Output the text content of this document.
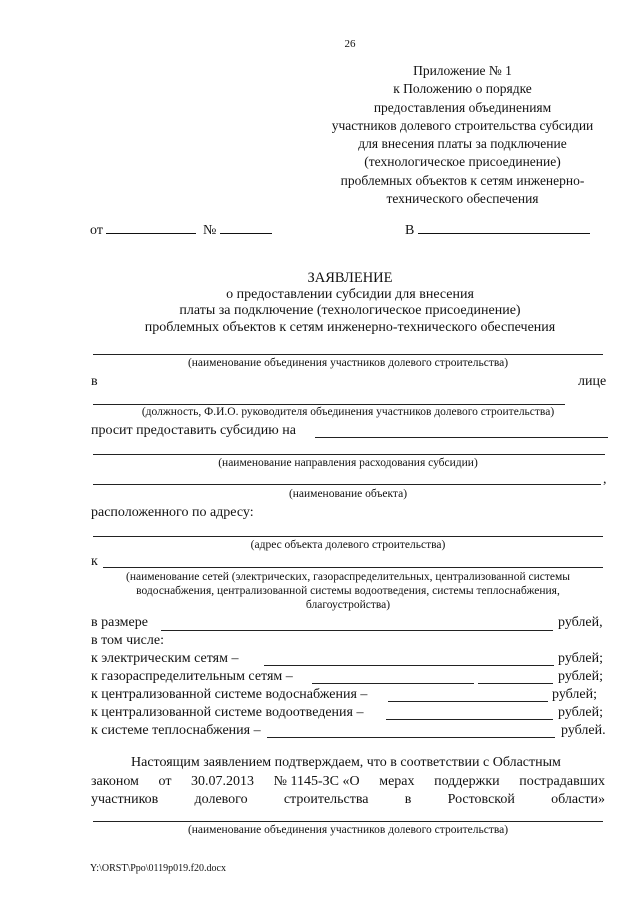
26
Приложение № 1
к Положению о порядке
предоставления объединениям
участников долевого строительства субсидии
для внесения платы за подключение
(технологическое присоединение)
проблемных объектов к сетям инженерно-
технического обеспечения
от	№	В
ЗАЯВЛЕНИЕ
о предоставлении субсидии для внесения
платы за подключение (технологическое присоединение)
проблемных объектов к сетям инженерно-технического обеспечения
(наименование объединения участников долевого строительства)
в	лице
(должность, Ф.И.О. руководителя объединения участников долевого строительства)
просит предоставить субсидию на
(наименование направления расходования субсидии)
,
(наименование объекта)
расположенного по адресу:
(адрес объекта долевого строительства)
к
(наименование сетей (электрических, газораспределительных, централизованной системы
водоснабжения, централизованной системы водоотведения, системы теплоснабжения,
благоустройства)
в размере	рублей,
в том числе:
к электрическим сетям –	рублей;
к газораспределительным сетям –	рублей;
к централизованной системе водоснабжения –	рублей;
к централизованной системе водоотведения –	рублей;
к системе теплоснабжения –	рублей.
Настоящим заявлением подтверждаем, что в соответствии с Областным
законом от 30.07.2013 № 1145-ЗС «О мерах поддержки пострадавших
участников	долевого	строительства	в	Ростовской	области»
(наименование объединения участников долевого строительства)
Y:\ORST\Ppo\0119p019.f20.docx
